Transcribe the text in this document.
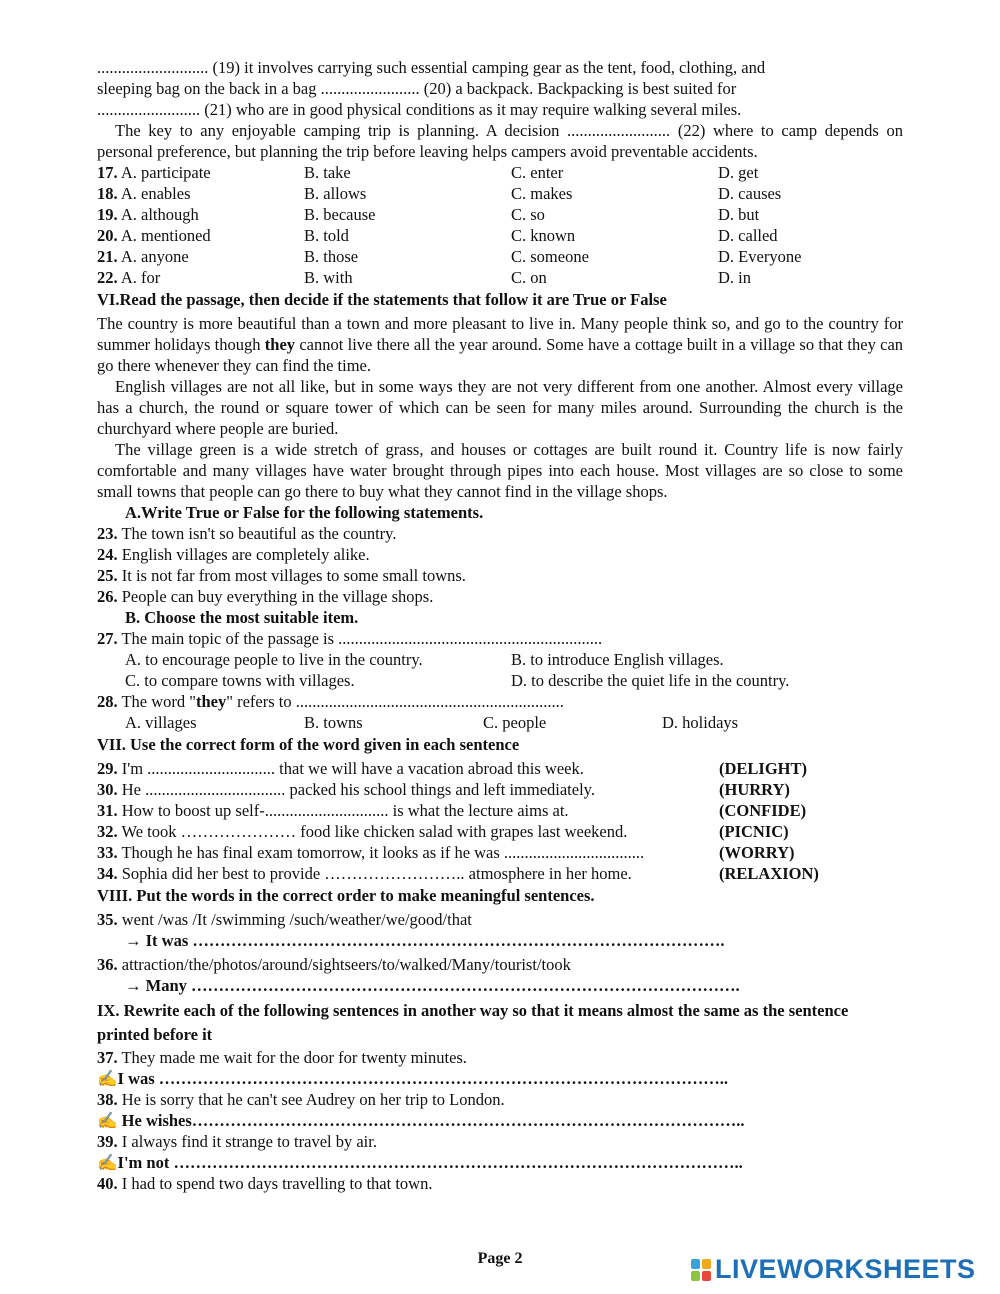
........................... (19) it involves carrying such essential camping gear as the tent, food, clothing, and
sleeping bag on the back in a bag ........................ (20) a backpack. Backpacking is best suited for
......................... (21) who are in good physical conditions as it may require walking several miles.

The key to any enjoyable camping trip is planning. A decision ......................... (22) where to camp depends on personal preference, but planning the trip before leaving helps campers avoid preventable accidents.

17. A. participate	B. take	C. enter	D. get
18. A. enables	B. allows	C. makes	D. causes
19. A. although	B. because	C. so	D. but
20. A. mentioned	B. told	C. known	D. called
21. A. anyone	B. those	C. someone	D. Everyone
22. A. for	B. with	C. on	D. in
VI.Read the passage, then decide if the statements that follow it are True or False

The country is more beautiful than a town and more pleasant to live in. Many people think so, and go to the country for summer holidays though they cannot live there all the year around. Some have a cottage built in a village so that they can go there whenever they can find the time.

English villages are not all like, but in some ways they are not very different from one another. Almost every village has a church, the round or square tower of which can be seen for many miles around. Surrounding the church is the churchyard where people are buried.

The village green is a wide stretch of grass, and houses or cottages are built round it. Country life is now fairly comfortable and many villages have water brought through pipes into each house. Most villages are so close to some small towns that people can go there to buy what they cannot find in the village shops.

A.Write True or False for the following statements.
23. The town isn't so beautiful as the country.
24. English villages are completely alike.
25. It is not far from most villages to some small towns.
26. People can buy everything in the village shops.
B. Choose the most suitable item.
27. The main topic of the passage is ................................................................
A. to encourage people to live in the country.	B. to introduce English villages.
C. to compare towns with villages.	D. to describe the quiet life in the country.
28. The word "they" refers to .................................................................
A. villages	B. towns	C. people	D. holidays
VII. Use the correct form of the word given in each sentence
29. I'm ............................... that we will have a vacation abroad this week.	(DELIGHT)
30. He .................................. packed his school things and left immediately.	(HURRY)
31. How to boost up self-.............................. is what the lecture aims at.	(CONFIDE)
32. We took ………………… food like chicken salad with grapes last weekend.	(PICNIC)
33. Though he has final exam tomorrow, it looks as if he was ..................................	(WORRY)
34. Sophia did her best to provide …………………….. atmosphere in her home.	(RELAXION)
VIII. Put the words in the correct order to make meaningful sentences.
35. went /was /It /swimming /such/weather/we/good/that
→ It was …………………………………………………………………………………….
36. attraction/the/photos/around/sightseers/to/walked/Many/tourist/took
→ Many ……………………………………………………………………………………….
IX. Rewrite each of the following sentences in another way so that it means almost the same as the sentence printed before it
37. They made me wait for the door for twenty minutes.
✍I was …………………………………………………………………………………………..
38. He is sorry that he can't see Audrey on her trip to London.
✍ He wishes………………………………………………………………………………………..
39. I always find it strange to travel by air.
✍I'm not …………………………………………………………………………………………..
40. I had to spend two days travelling to that town.
Page 2	LIVEWORKSHEETS
